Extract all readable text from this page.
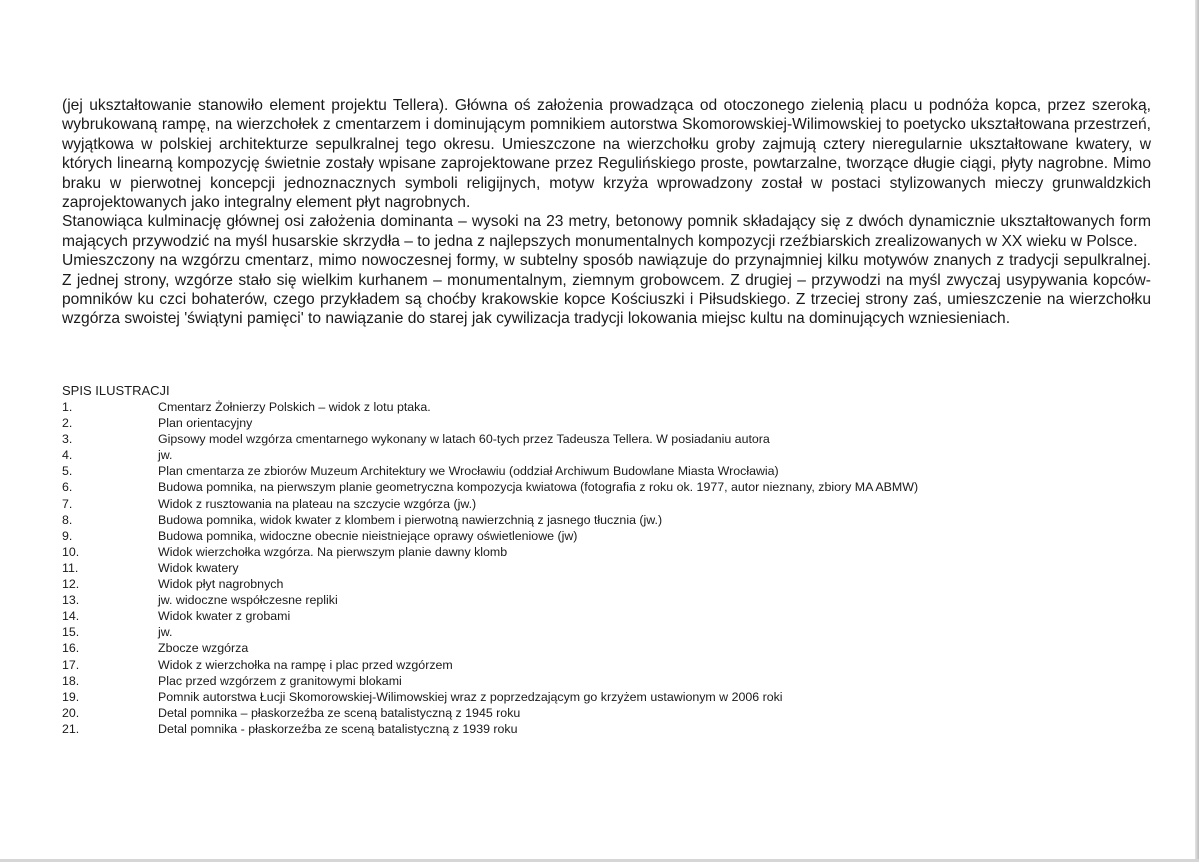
(jej ukształtowanie stanowiło element projektu Tellera). Główna oś założenia prowadząca od otoczonego zielenią placu u podnóża kopca, przez szeroką, wybrukowaną rampę, na wierzchołek z cmentarzem i dominującym pomnikiem autorstwa Skomorowskiej-Wilimowskiej to poetycko ukształtowana przestrzeń, wyjątkowa w polskiej architekturze sepulkralnej tego okresu. Umieszczone na wierzchołku groby zajmują cztery nieregularnie ukształtowane kwatery, w których linearną kompozycję świetnie zostały wpisane zaprojektowane przez Regulińskiego proste, powtarzalne, tworzące długie ciągi, płyty nagrobne. Mimo braku w pierwotnej koncepcji jednoznacznych symboli religijnych, motyw krzyża wprowadzony został w postaci stylizowanych mieczy grunwaldzkich zaprojektowanych jako integralny element płyt nagrobnych.

Stanowiąca kulminację głównej osi założenia dominanta – wysoki na 23 metry, betonowy pomnik składający się z dwóch dynamicznie ukształtowanych form mających przywodzić na myśl husarskie skrzydła – to jedna z najlepszych monumentalnych kompozycji rzeźbiarskich zrealizowanych w XX wieku w Polsce.

Umieszczony na wzgórzu cmentarz, mimo nowoczesnej formy, w subtelny sposób nawiązuje do przynajmniej kilku motywów znanych z tradycji sepulkralnej. Z jednej strony, wzgórze stało się wielkim kurhanem – monumentalnym, ziemnym grobowcem. Z drugiej – przywodzi na myśl zwyczaj usypywania kopców-pomników ku czci bohaterów, czego przykładem są choćby krakowskie kopce Kościuszki i Piłsudskiego. Z trzeciej strony zaś, umieszczenie na wierzchołku wzgórza swoistej 'świątyni pamięci' to nawiązanie do starej jak cywilizacja tradycji lokowania miejsc kultu na dominujących wzniesieniach.

SPIS ILUSTRACJI
1.	Cmentarz Żołnierzy Polskich – widok z lotu ptaka.
2.	Plan orientacyjny
3.	Gipsowy model wzgórza cmentarnego wykonany w latach 60-tych przez Tadeusza Tellera. W posiadaniu autora
4.	jw.
5.	Plan cmentarza ze zbiorów Muzeum Architektury we Wrocławiu (oddział Archiwum Budowlane Miasta Wrocławia)
6.	Budowa pomnika, na pierwszym planie geometryczna kompozycja kwiatowa (fotografia z roku ok. 1977, autor nieznany, zbiory MA ABMW)
7.	Widok z rusztowania na plateau na szczycie wzgórza (jw.)
8.	Budowa pomnika, widok kwater z klombem i pierwotną nawierzchnią z jasnego tłucznia (jw.)
9.	Budowa pomnika, widoczne obecnie nieistniejące oprawy oświetleniowe (jw)
10.	Widok wierzchołka wzgórza. Na pierwszym planie dawny klomb
11.	Widok kwatery
12.	Widok płyt nagrobnych
13.	jw. widoczne współczesne repliki
14.	Widok kwater z grobami
15.	jw.
16.	Zbocze wzgórza
17.	Widok z wierzchołka na rampę i plac przed wzgórzem
18.	Plac przed wzgórzem z granitowymi blokami
19.	Pomnik autorstwa Łucji Skomorowskiej-Wilimowskiej wraz z poprzedzającym go krzyżem ustawionym w 2006 roki
20.	Detal pomnika – płaskorzeźba ze sceną batalistyczną z 1945 roku
21.	Detal pomnika - płaskorzeźba ze sceną batalistyczną z 1939 roku
